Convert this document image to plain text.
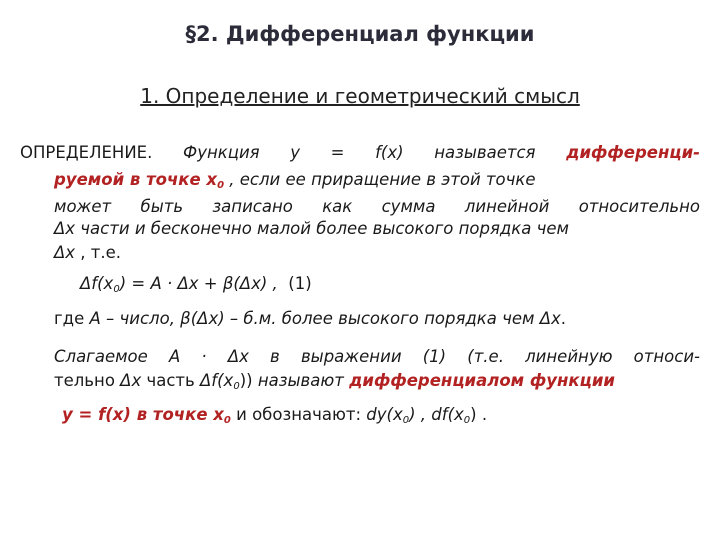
§2. Дифференциал функции
1. Определение и геометрический смысл
ОПРЕДЕЛЕНИЕ. Функция y = f(x) называется дифференци-
руемой в точке x0 , если ее приращение в этой точке
может быть записано как сумма линейной относительно
Δx части и бесконечно малой более высокого порядка чем
Δx , т.е.
$\Delta f(x_0) = A \cdot \Delta x + \beta(\Delta x)$ , (1)
где A – число, β(Δx) – б.м. более высокого порядка чем Δx.
Слагаемое A · Δx в выражении (1) (т.е. линейную относи-
тельно Δx часть $\Delta f(x_0)$) называют дифференциалом функции
y = f(x) в точке x0 и обозначают: $dy(x_0)$ , $df(x_0)$ .
